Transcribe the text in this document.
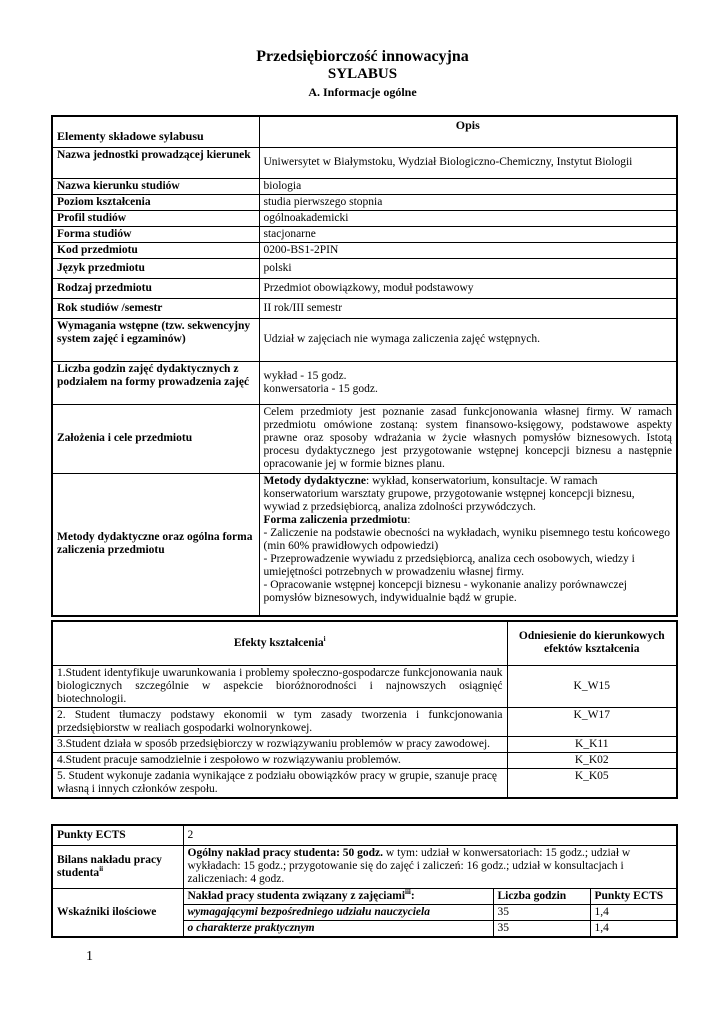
Przedsiębiorczość innowacyjna
SYLABUS
A. Informacje ogólne
Elementy składowe sylabusu	Opis
Nazwa jednostki prowadzącej kierunek	Uniwersytet w Białymstoku, Wydział Biologiczno-Chemiczny, Instytut Biologii
Nazwa kierunku studiów	biologia
Poziom kształcenia	studia pierwszego stopnia
Profil studiów	ogólnoakademicki
Forma studiów	stacjonarne
Kod przedmiotu	0200-BS1-2PIN
Język przedmiotu	polski
Rodzaj przedmiotu	Przedmiot obowiązkowy, moduł podstawowy
Rok studiów /semestr	II rok/III semestr
Wymagania wstępne (tzw. sekwencyjny system zajęć i egzaminów)	Udział w zajęciach nie wymaga zaliczenia zajęć wstępnych.
Liczba godzin zajęć dydaktycznych z podziałem na formy prowadzenia zajęć	wykład - 15 godz.
konwersatoria - 15 godz.

Założenia i cele przedmiotu	Celem przedmioty jest poznanie zasad funkcjonowania własnej firmy. W ramach przedmiotu omówione zostaną: system finansowo-księgowy, podstawowe aspekty prawne oraz sposoby wdrażania w życie własnych pomysłów biznesowych. Istotą procesu dydaktycznego jest przygotowanie wstępnej koncepcji biznesu a następnie opracowanie jej w formie biznes planu.
Metody dydaktyczne oraz ogólna forma zaliczenia przedmiotu	Metody dydaktyczne: wykład, konserwatorium, konsultacje. W ramach konserwatorium warsztaty grupowe, przygotowanie wstępnej koncepcji biznesu, wywiad z przedsiębiorcą, analiza zdolności przywódczych.
Forma zaliczenia przedmiotu:
- Zaliczenie na podstawie obecności na wykładach, wyniku pisemnego testu końcowego (min 60% prawidłowych odpowiedzi)
- Przeprowadzenie wywiadu z przedsiębiorcą, analiza cech osobowych, wiedzy i umiejętności potrzebnych w prowadzeniu własnej firmy.
- Opracowanie wstępnej koncepcji biznesu - wykonanie analizy porównawczej pomysłów biznesowych, indywidualnie bądź w grupie.
Efekty kształcenia$^i$	Odniesienie do kierunkowych efektów kształcenia
1.Student identyfikuje uwarunkowania i problemy społeczno-gospodarcze funkcjonowania nauk biologicznych szczególnie w aspekcie bioróżnorodności i najnowszych osiągnięć biotechnologii.	K_W15
2. Student tłumaczy podstawy ekonomii w tym zasady tworzenia i funkcjonowania przedsiębiorstw w realiach gospodarki wolnorynkowej.	K_W17
3.Student działa w sposób przedsiębiorczy w rozwiązywaniu problemów w pracy zawodowej.	K_K11
4.Student pracuje samodzielnie i zespołowo w rozwiązywaniu problemów.	K_K02
5. Student wykonuje zadania wynikające z podziału obowiązków pracy w grupie, szanuje pracę własną i innych członków zespołu.	K_K05
Punkty ECTS	2		
Bilans nakładu pracy studenta$^{ii}$	Ogólny nakład pracy studenta: 50 godz. w tym: udział w konwersatoriach: 15 godz.; udział w wykładach: 15 godz.; przygotowanie się do zajęć i zaliczeń: 16 godz.; udział w konsultacjach i zaliczeniach: 4 godz.		
Wskaźniki ilościowe	Nakład pracy studenta związany z zajęciami$^{iii}$:	Liczba godzin	Punkty ECTS
	wymagającymi bezpośredniego udziału nauczyciela	35	1,4
	o charakterze praktycznym	35	1,4
1
